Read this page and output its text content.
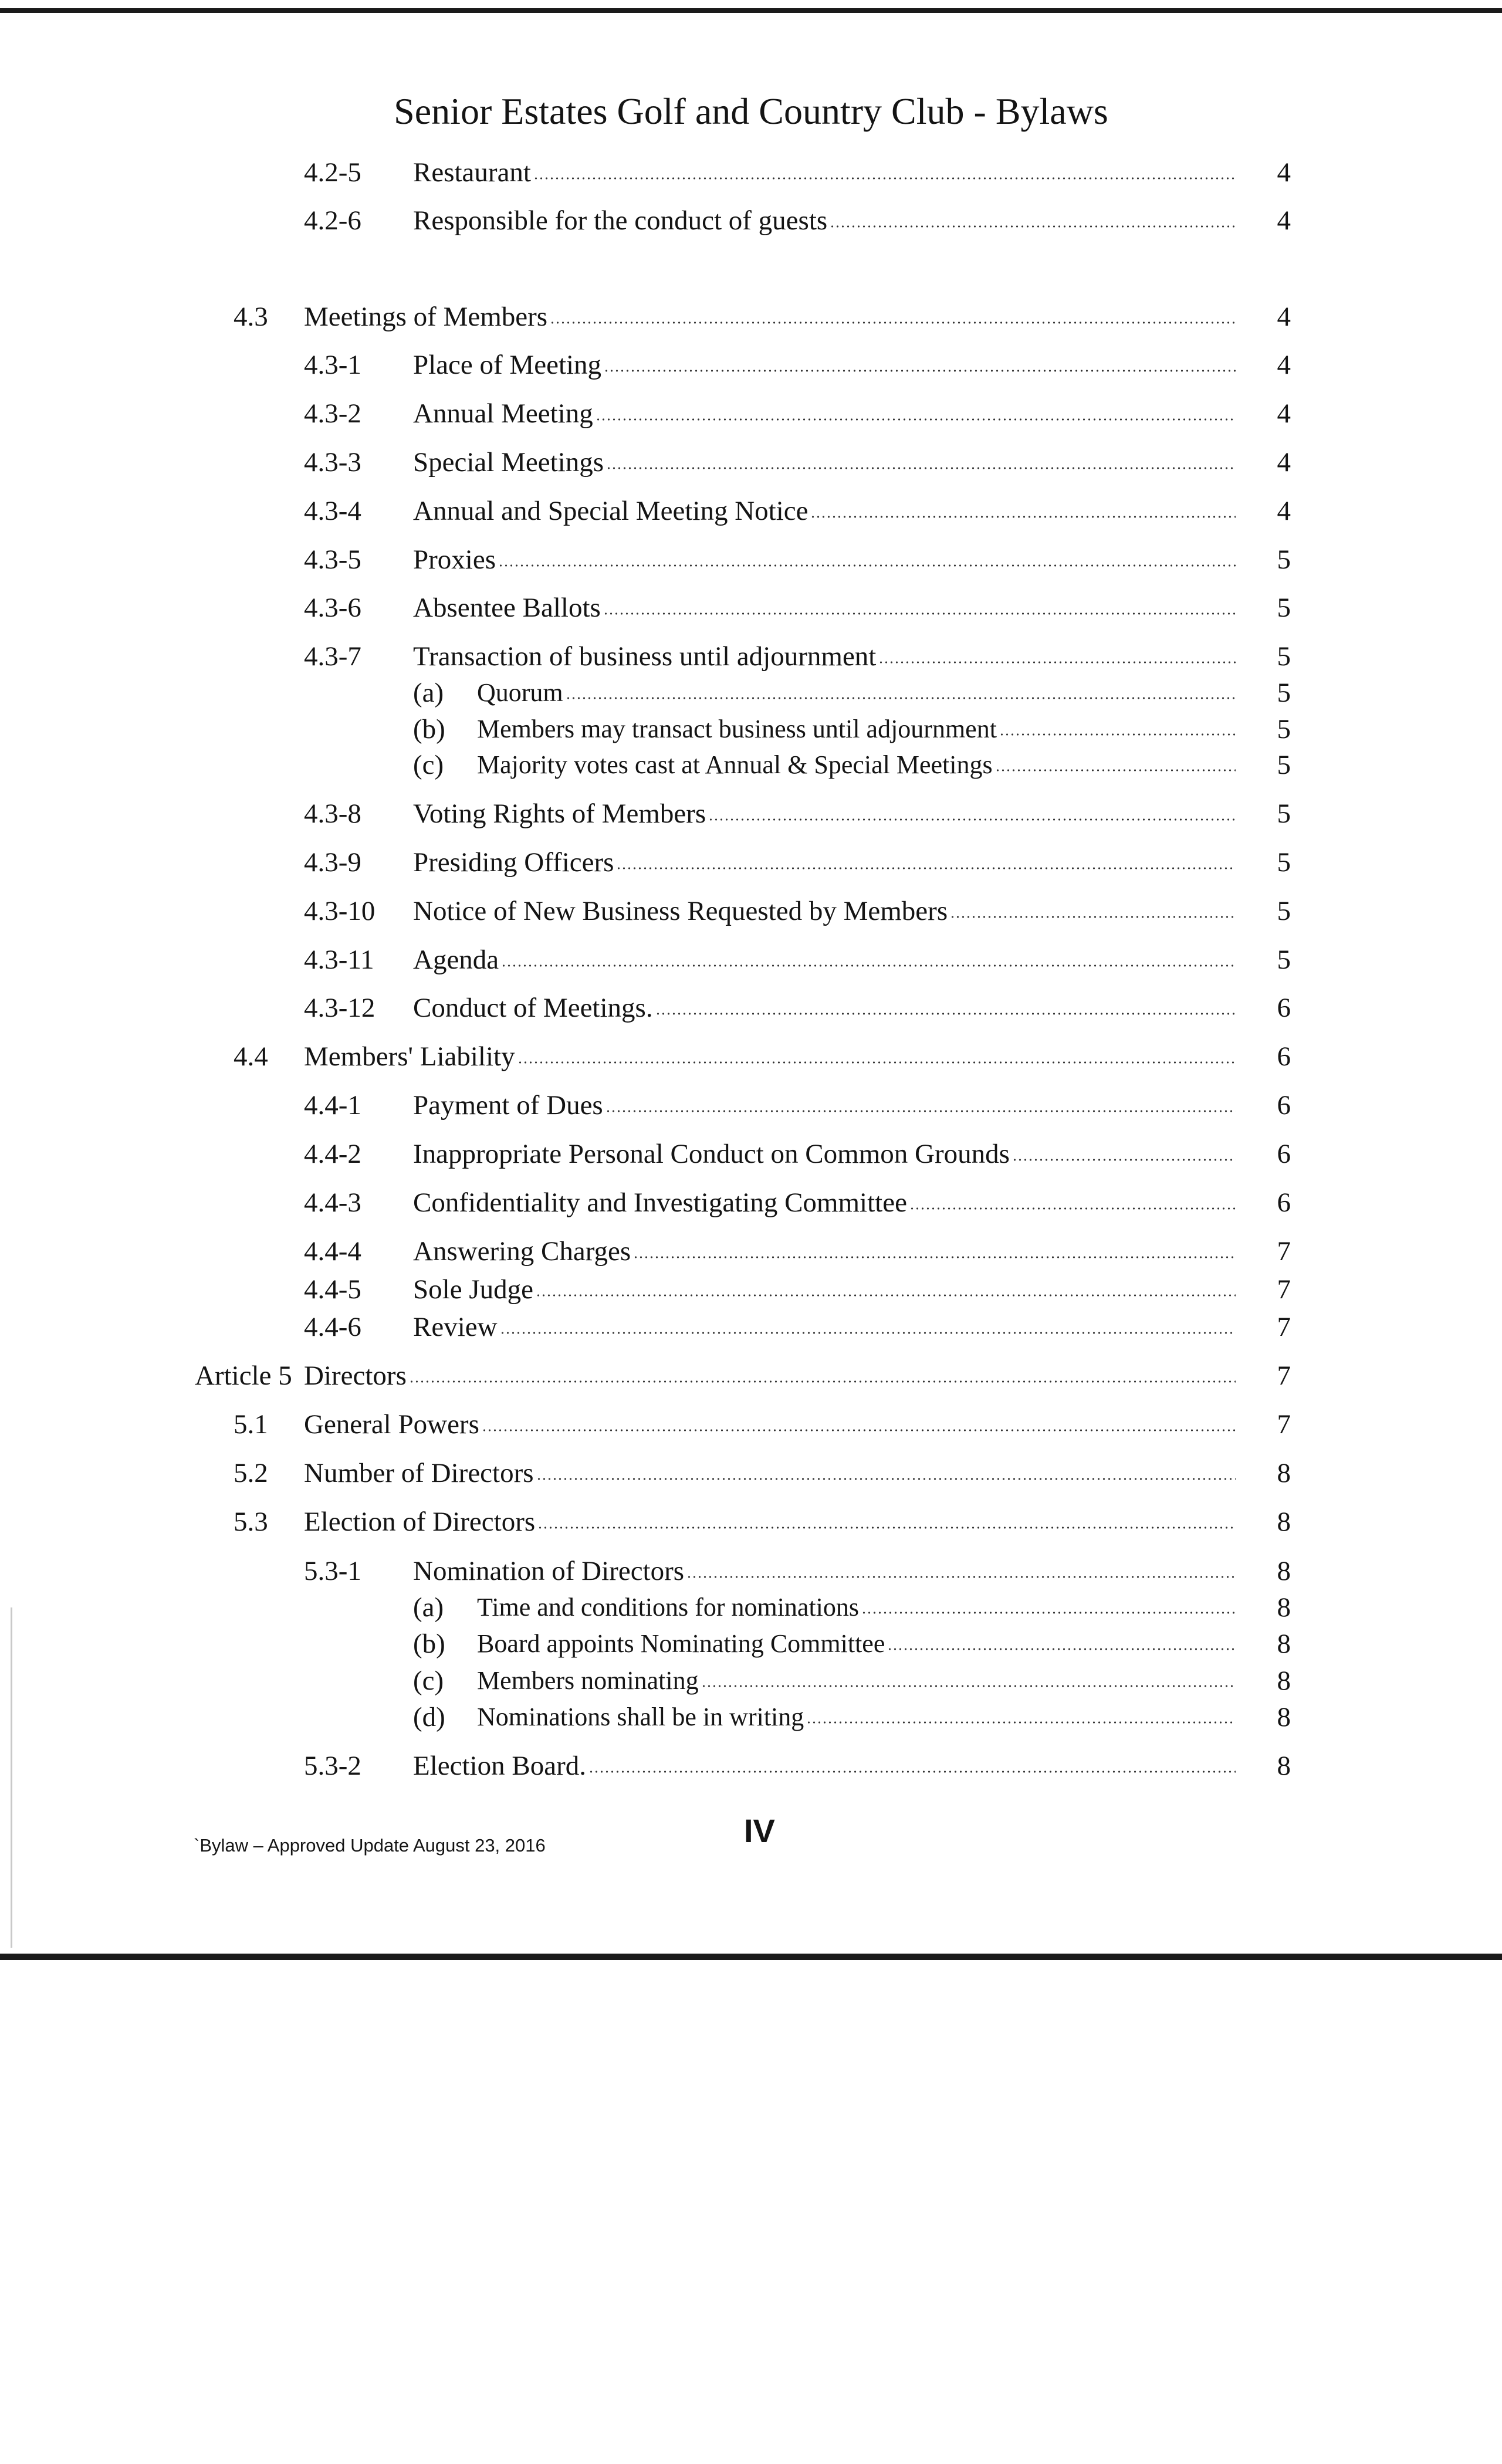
Senior Estates Golf and Country Club - Bylaws
4.2-5 Restaurant	4
4.2-6 Responsible for the conduct of guests	4
4.3 Meetings of Members	4
4.3-1 Place of Meeting	4
4.3-2 Annual Meeting	4
4.3-3 Special Meetings	4
4.3-4 Annual and Special Meeting Notice	4
4.3-5 Proxies	5
4.3-6 Absentee Ballots	5
4.3-7 Transaction of business until adjournment	5
(a) Quorum	5
(b) Members may transact business until adjournment	5
(c) Majority votes cast at Annual & Special Meetings	5
4.3-8 Voting Rights of Members	5
4.3-9 Presiding Officers	5
4.3-10 Notice of New Business Requested by Members	5
4.3-11 Agenda	5
4.3-12 Conduct of Meetings.	6
4.4 Members' Liability	6
4.4-1 Payment of Dues	6
4.4-2 Inappropriate Personal Conduct on Common Grounds	6
4.4-3 Confidentiality and Investigating Committee	6
4.4-4 Answering Charges	7
4.4-5 Sole Judge	7
4.4-6 Review	7
Article 5 Directors	7
5.1 General Powers	7
5.2 Number of Directors	8
5.3 Election of Directors	8
5.3-1 Nomination of Directors	8
(a) Time and conditions for nominations	8
(b) Board appoints Nominating Committee	8
(c) Members nominating	8
(d) Nominations shall be in writing	8
5.3-2 Election Board.	8
`Bylaw – Approved Update August 23, 2016	IV
